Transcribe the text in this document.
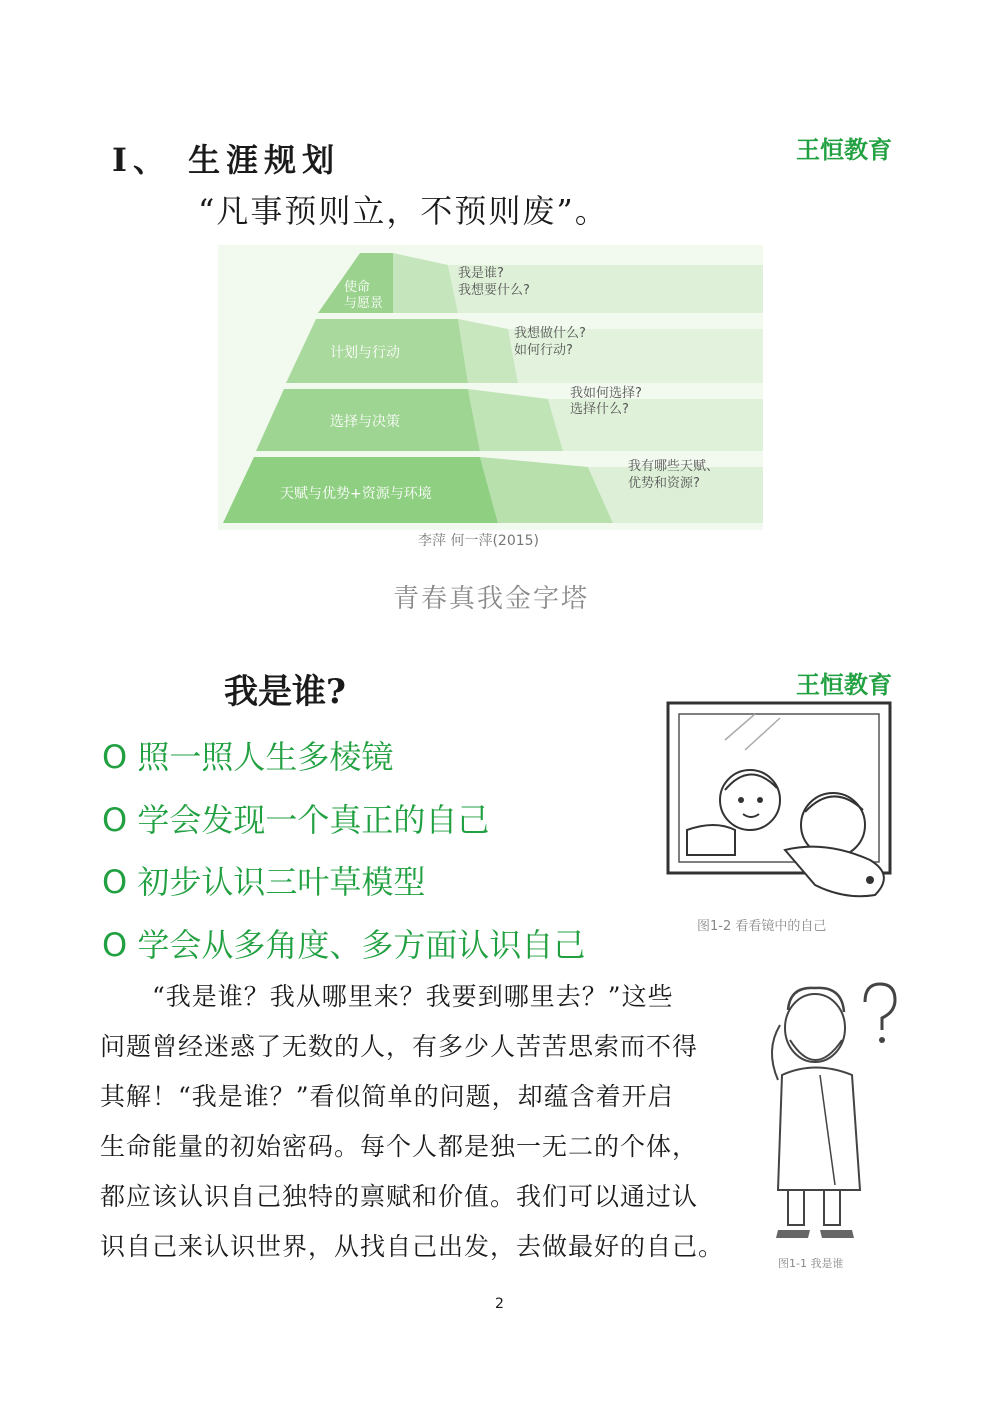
Ⅰ、 生涯规划	王恒教育
“凡事预则立，不预则废”。
使命
与愿景
计划与行动
选择与决策
天赋与优势+资源与环境
我是谁?
我想要什么?
我想做什么?
如何行动?
我如何选择?
选择什么?
我有哪些天赋、
优势和资源?
李萍 何一萍(2015)
青春真我金字塔
我是谁?	王恒教育
O 照一照人生多棱镜
O 学会发现一个真正的自己
O 初步认识三叶草模型
O 学会从多角度、多方面认识自己	图1-2 看看镜中的自己
“我是谁？我从哪里来？我要到哪里去？”这些
问题曾经迷惑了无数的人，有多少人苦苦思索而不得
其解！“我是谁？”看似简单的问题，却蕴含着开启
生命能量的初始密码。每个人都是独一无二的个体，
都应该认识自己独特的禀赋和价值。我们可以通过认
识自己来认识世界，从找自己出发，去做最好的自己。
图1-1 我是谁
2
